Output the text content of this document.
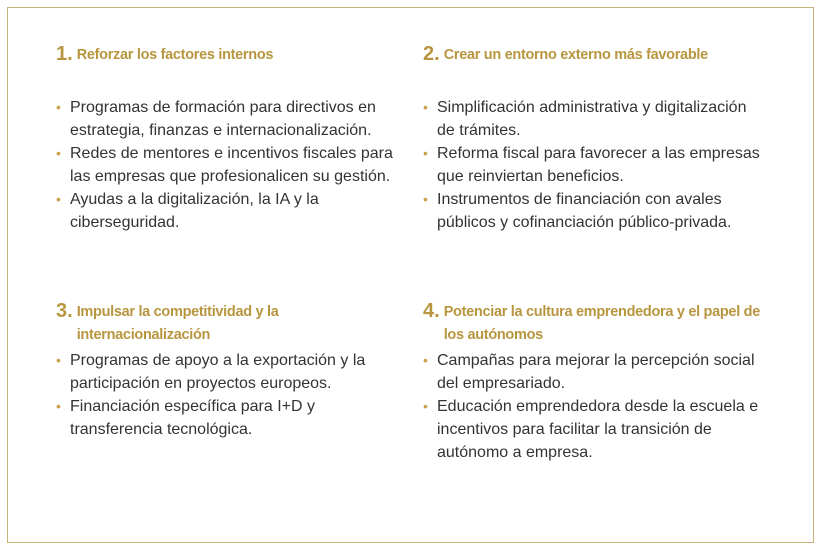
1. Reforzar los factores internos
• Programas de formación para directivos en estrategia, finanzas e internacionalización.
• Redes de mentores e incentivos fiscales para las empresas que profesionalicen su gestión.
• Ayudas a la digitalización, la IA y la ciberseguridad.
2. Crear un entorno externo más favorable
• Simplificación administrativa y digitalización de trámites.
• Reforma fiscal para favorecer a las empresas que reinviertan beneficios.
• Instrumentos de financiación con avales públicos y cofinanciación público-privada.
3. Impulsar la competitividad y la internacionalización
• Programas de apoyo a la exportación y la participación en proyectos europeos.
• Financiación específica para I+D y transferencia tecnológica.
4. Potenciar la cultura emprendedora y el papel de los autónomos
• Campañas para mejorar la percepción social del empresariado.
• Educación emprendedora desde la escuela e incentivos para facilitar la transición de autónomo a empresa.
